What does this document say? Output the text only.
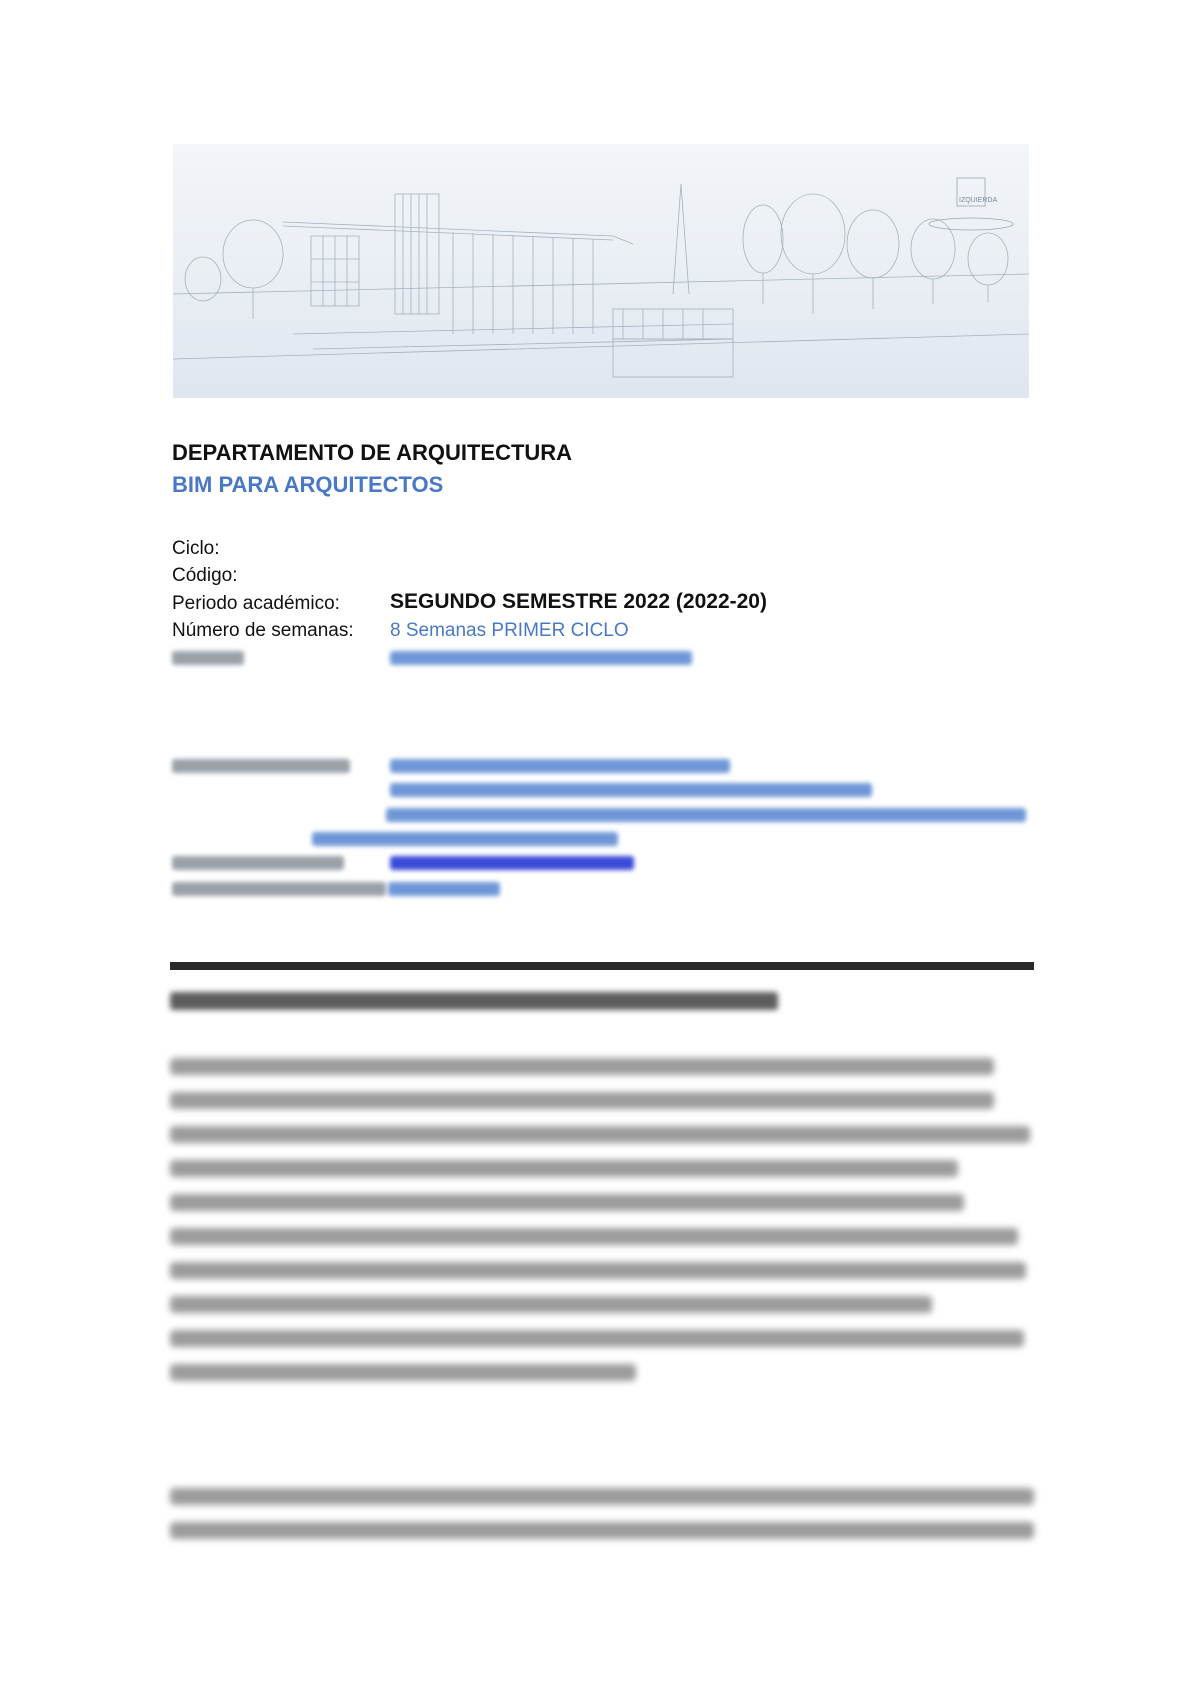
IZQUIERDA
DEPARTAMENTO DE ARQUITECTURA
BIM PARA ARQUITECTOS
Ciclo:
Código:
Periodo académico: SEGUNDO SEMESTRE 2022 (2022-20)
Número de semanas: 8 Semanas PRIMER CICLO
